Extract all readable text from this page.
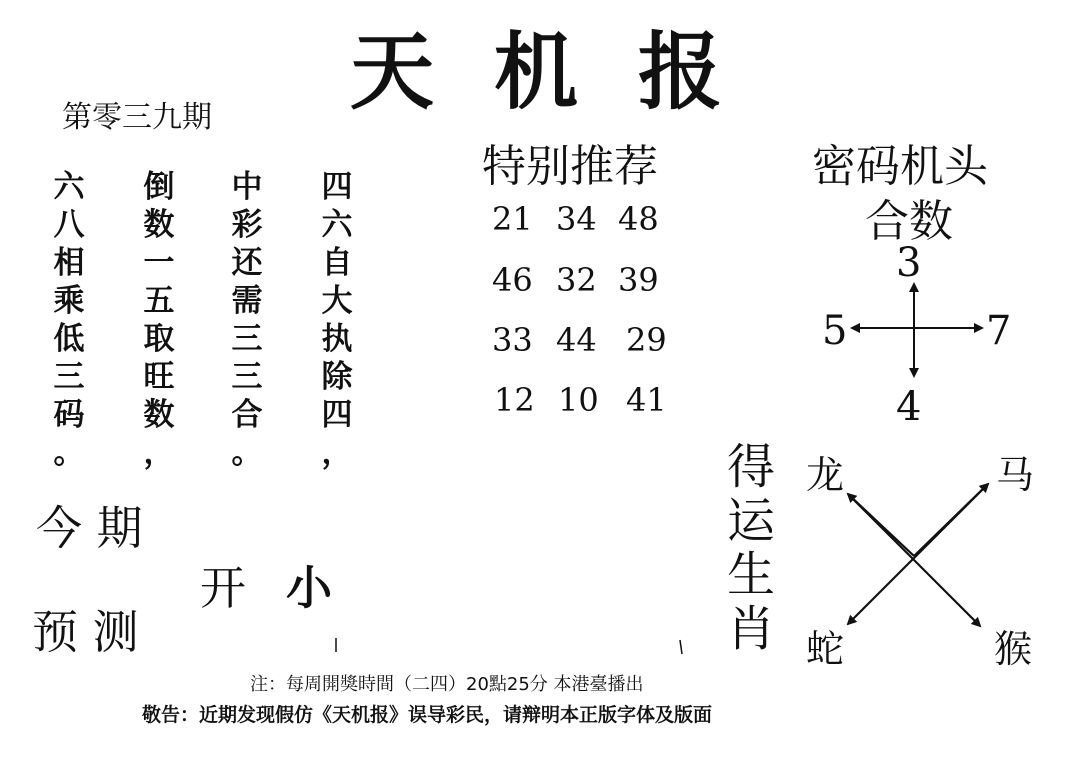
天机报
第零三九期
六
八
相
乘
低
三
码
。
倒
数
一
五
取
旺
数
，
中
彩
还
需
三
三
合
。
四
六
自
大
执
除
四
，
今 期
开 小
预 测
特别推荐
21 34 48
46 32 39
33 44 29
12 10 41
密码机头
合数
3
5	7
4
得
运
生
肖
龙	马
蛇	猴
注：每周開獎時間（二四）20點25分 本港臺播出
敬告：近期发现假仿《天机报》误导彩民，请辩明本正版字体及版面
